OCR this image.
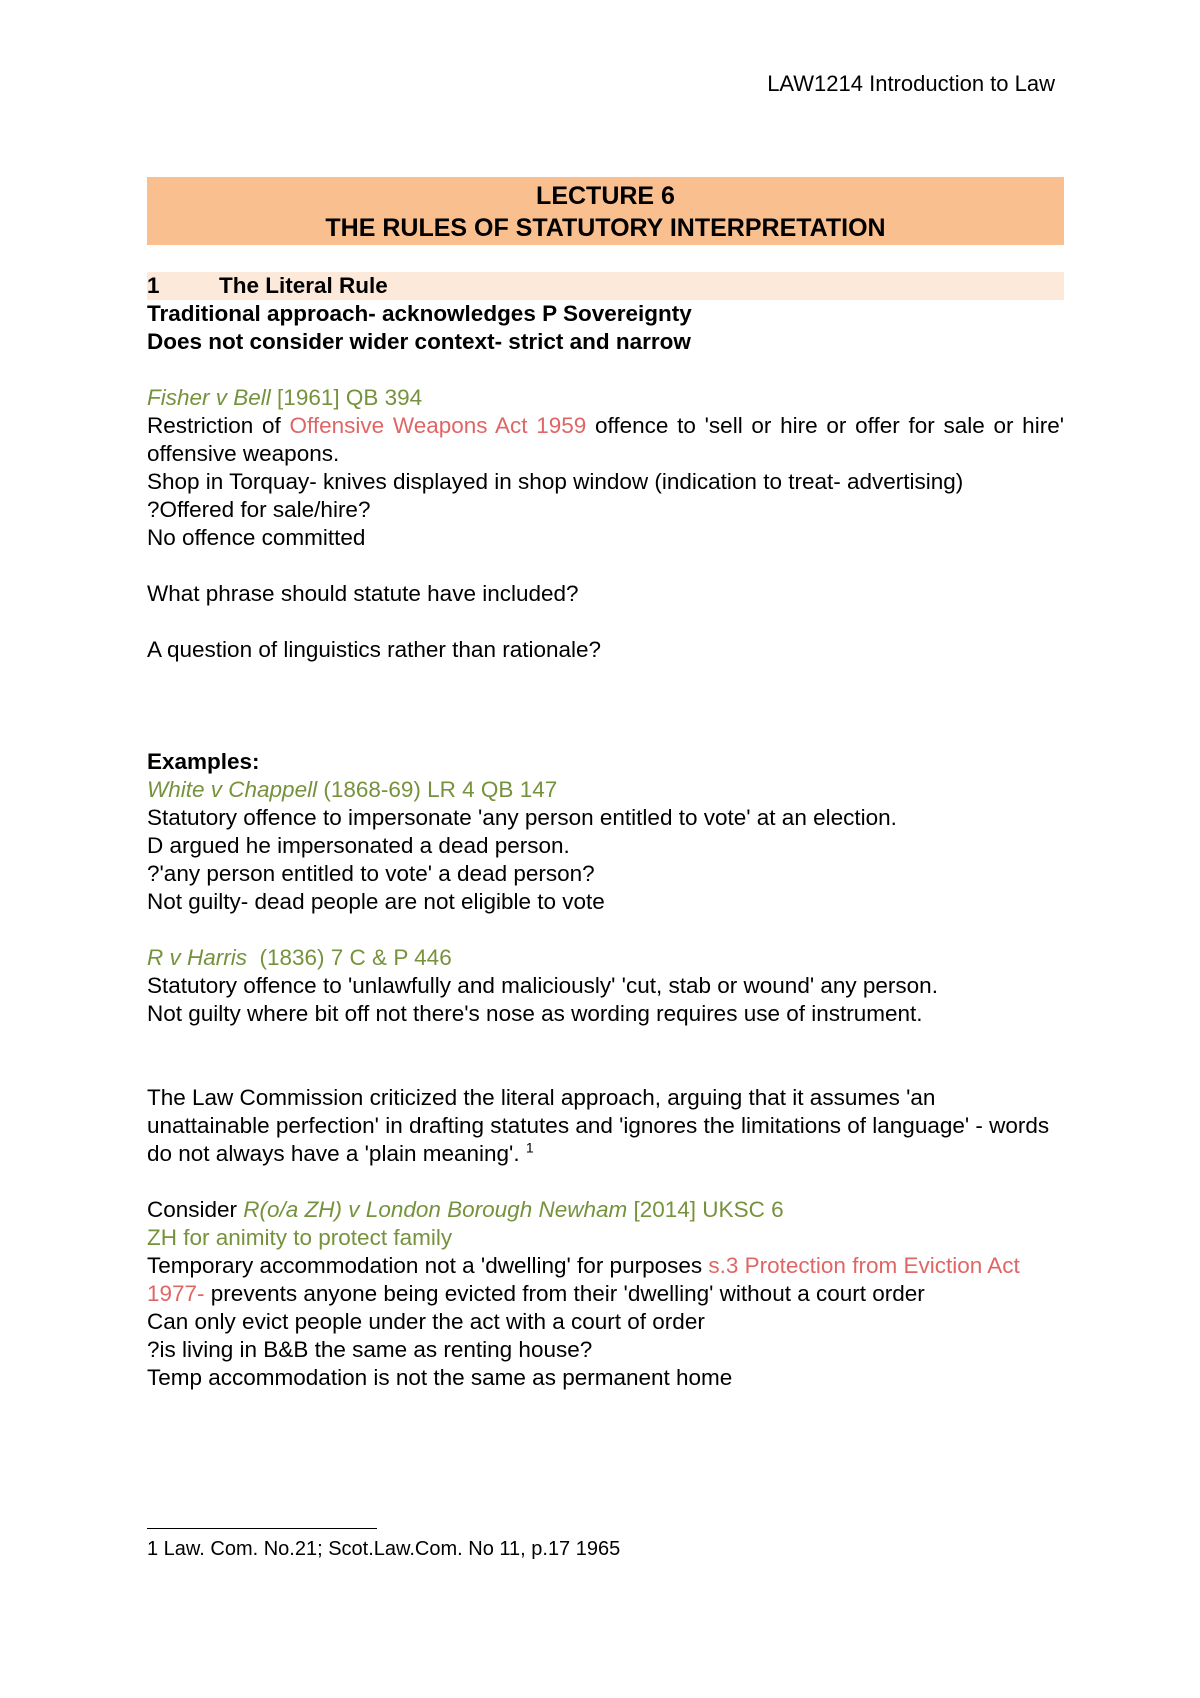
LAW1214 Introduction to Law
LECTURE 6
THE RULES OF STATUTORY INTERPRETATION
1	The Literal Rule
Traditional approach- acknowledges P Sovereignty
Does not consider wider context- strict and narrow
Fisher v Bell [1961] QB 394
Restriction of Offensive Weapons Act 1959 offence to 'sell or hire or offer for sale or hire' offensive weapons.
Shop in Torquay- knives displayed in shop window (indication to treat- advertising)
?Offered for sale/hire?
No offence committed
What phrase should statute have included?
A question of linguistics rather than rationale?
Examples:
White v Chappell (1868-69) LR 4 QB 147
Statutory offence to impersonate 'any person entitled to vote' at an election.
D argued he impersonated a dead person.
?'any person entitled to vote' a dead person?
Not guilty- dead people are not eligible to vote
R v Harris  (1836) 7 C & P 446
Statutory offence to 'unlawfully and maliciously' 'cut, stab or wound' any person.
Not guilty where bit off not there's nose as wording requires use of instrument.
The Law Commission criticized the literal approach, arguing that it assumes 'an unattainable perfection' in drafting statutes and 'ignores the limitations of language' - words do not always have a 'plain meaning'. $^1$
Consider R(o/a ZH) v London Borough Newham [2014] UKSC 6
ZH for animity to protect family
Temporary accommodation not a 'dwelling' for purposes s.3 Protection from Eviction Act 1977- prevents anyone being evicted from their 'dwelling' without a court order
Can only evict people under the act with a court of order
?is living in B&B the same as renting house?
Temp accommodation is not the same as permanent home
1 Law. Com. No.21; Scot.Law.Com. No 11, p.17 1965
